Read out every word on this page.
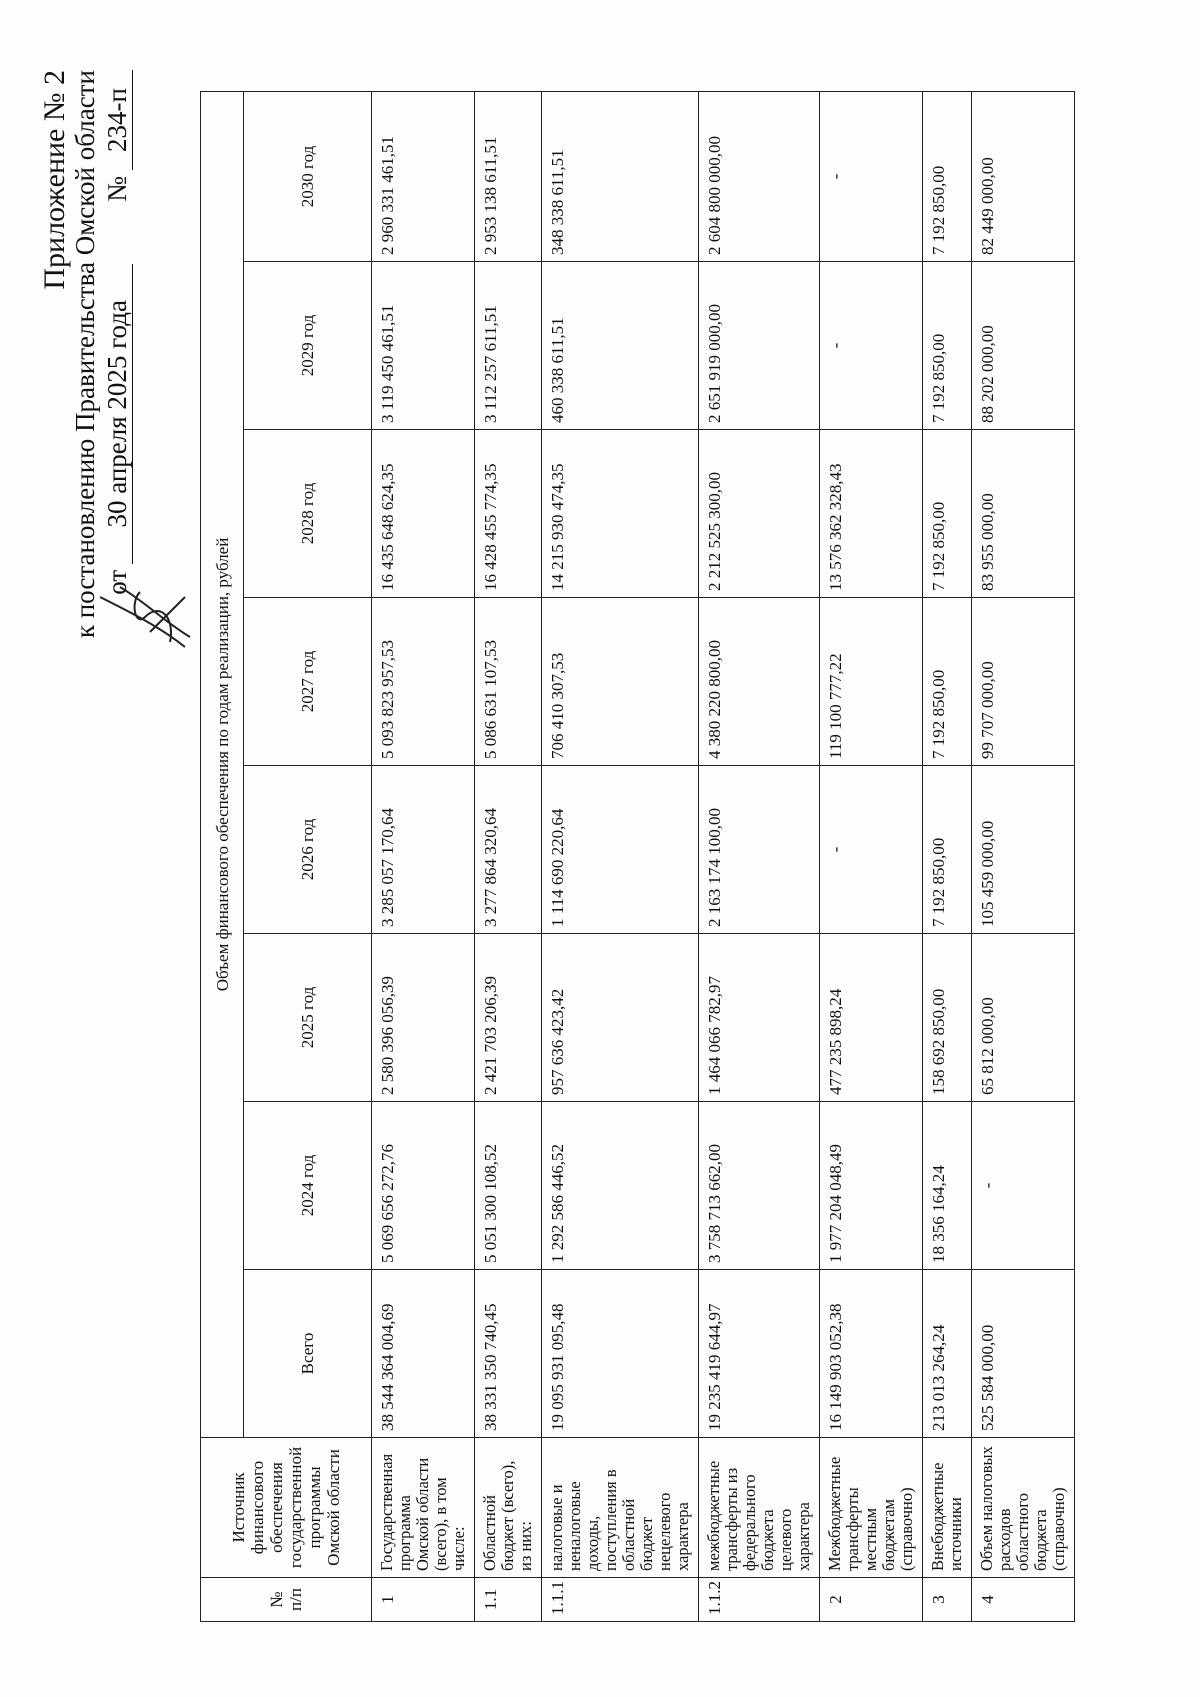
Приложение № 2 к постановлению Правительства Омской области от
30 апреля 2025 года
№
234-п
№ п/п	Источник финансового обеспечения государственной программы Омской области	Объем финансового обеспечения по годам реализации, рублей							
		Всего	2024 год	2025 год	2026 год	2027 год	2028 год	2029 год	2030 год
1	Государственная программа Омской области (всего), в том числе:	38 544 364 004,69	5 069 656 272,76	2 580 396 056,39	3 285 057 170,64	5 093 823 957,53	16 435 648 624,35	3 119 450 461,51	2 960 331 461,51
1.1	Областной бюджет (всего), из них:	38 331 350 740,45	5 051 300 108,52	2 421 703 206,39	3 277 864 320,64	5 086 631 107,53	16 428 455 774,35	3 112 257 611,51	2 953 138 611,51
1.1.1	налоговые и неналоговые доходы, поступления в областной бюджет нецелевого характера	19 095 931 095,48	1 292 586 446,52	957 636 423,42	1 114 690 220,64	706 410 307,53	14 215 930 474,35	460 338 611,51	348 338 611,51
1.1.2	межбюджетные трансферты из федерального бюджета целевого характера	19 235 419 644,97	3 758 713 662,00	1 464 066 782,97	2 163 174 100,00	4 380 220 800,00	2 212 525 300,00	2 651 919 000,00	2 604 800 000,00
2	Межбюджетные трансферты местным бюджетам (справочно)	16 149 903 052,38	1 977 204 048,49	477 235 898,24	-	119 100 777,22	13 576 362 328,43	-	-
3	Внебюджетные источники	213 013 264,24	18 356 164,24	158 692 850,00	7 192 850,00	7 192 850,00	7 192 850,00	7 192 850,00	7 192 850,00
4	Объем налоговых расходов областного бюджета (справочно)	525 584 000,00	-	65 812 000,00	105 459 000,00	99 707 000,00	83 955 000,00	88 202 000,00	82 449 000,00
